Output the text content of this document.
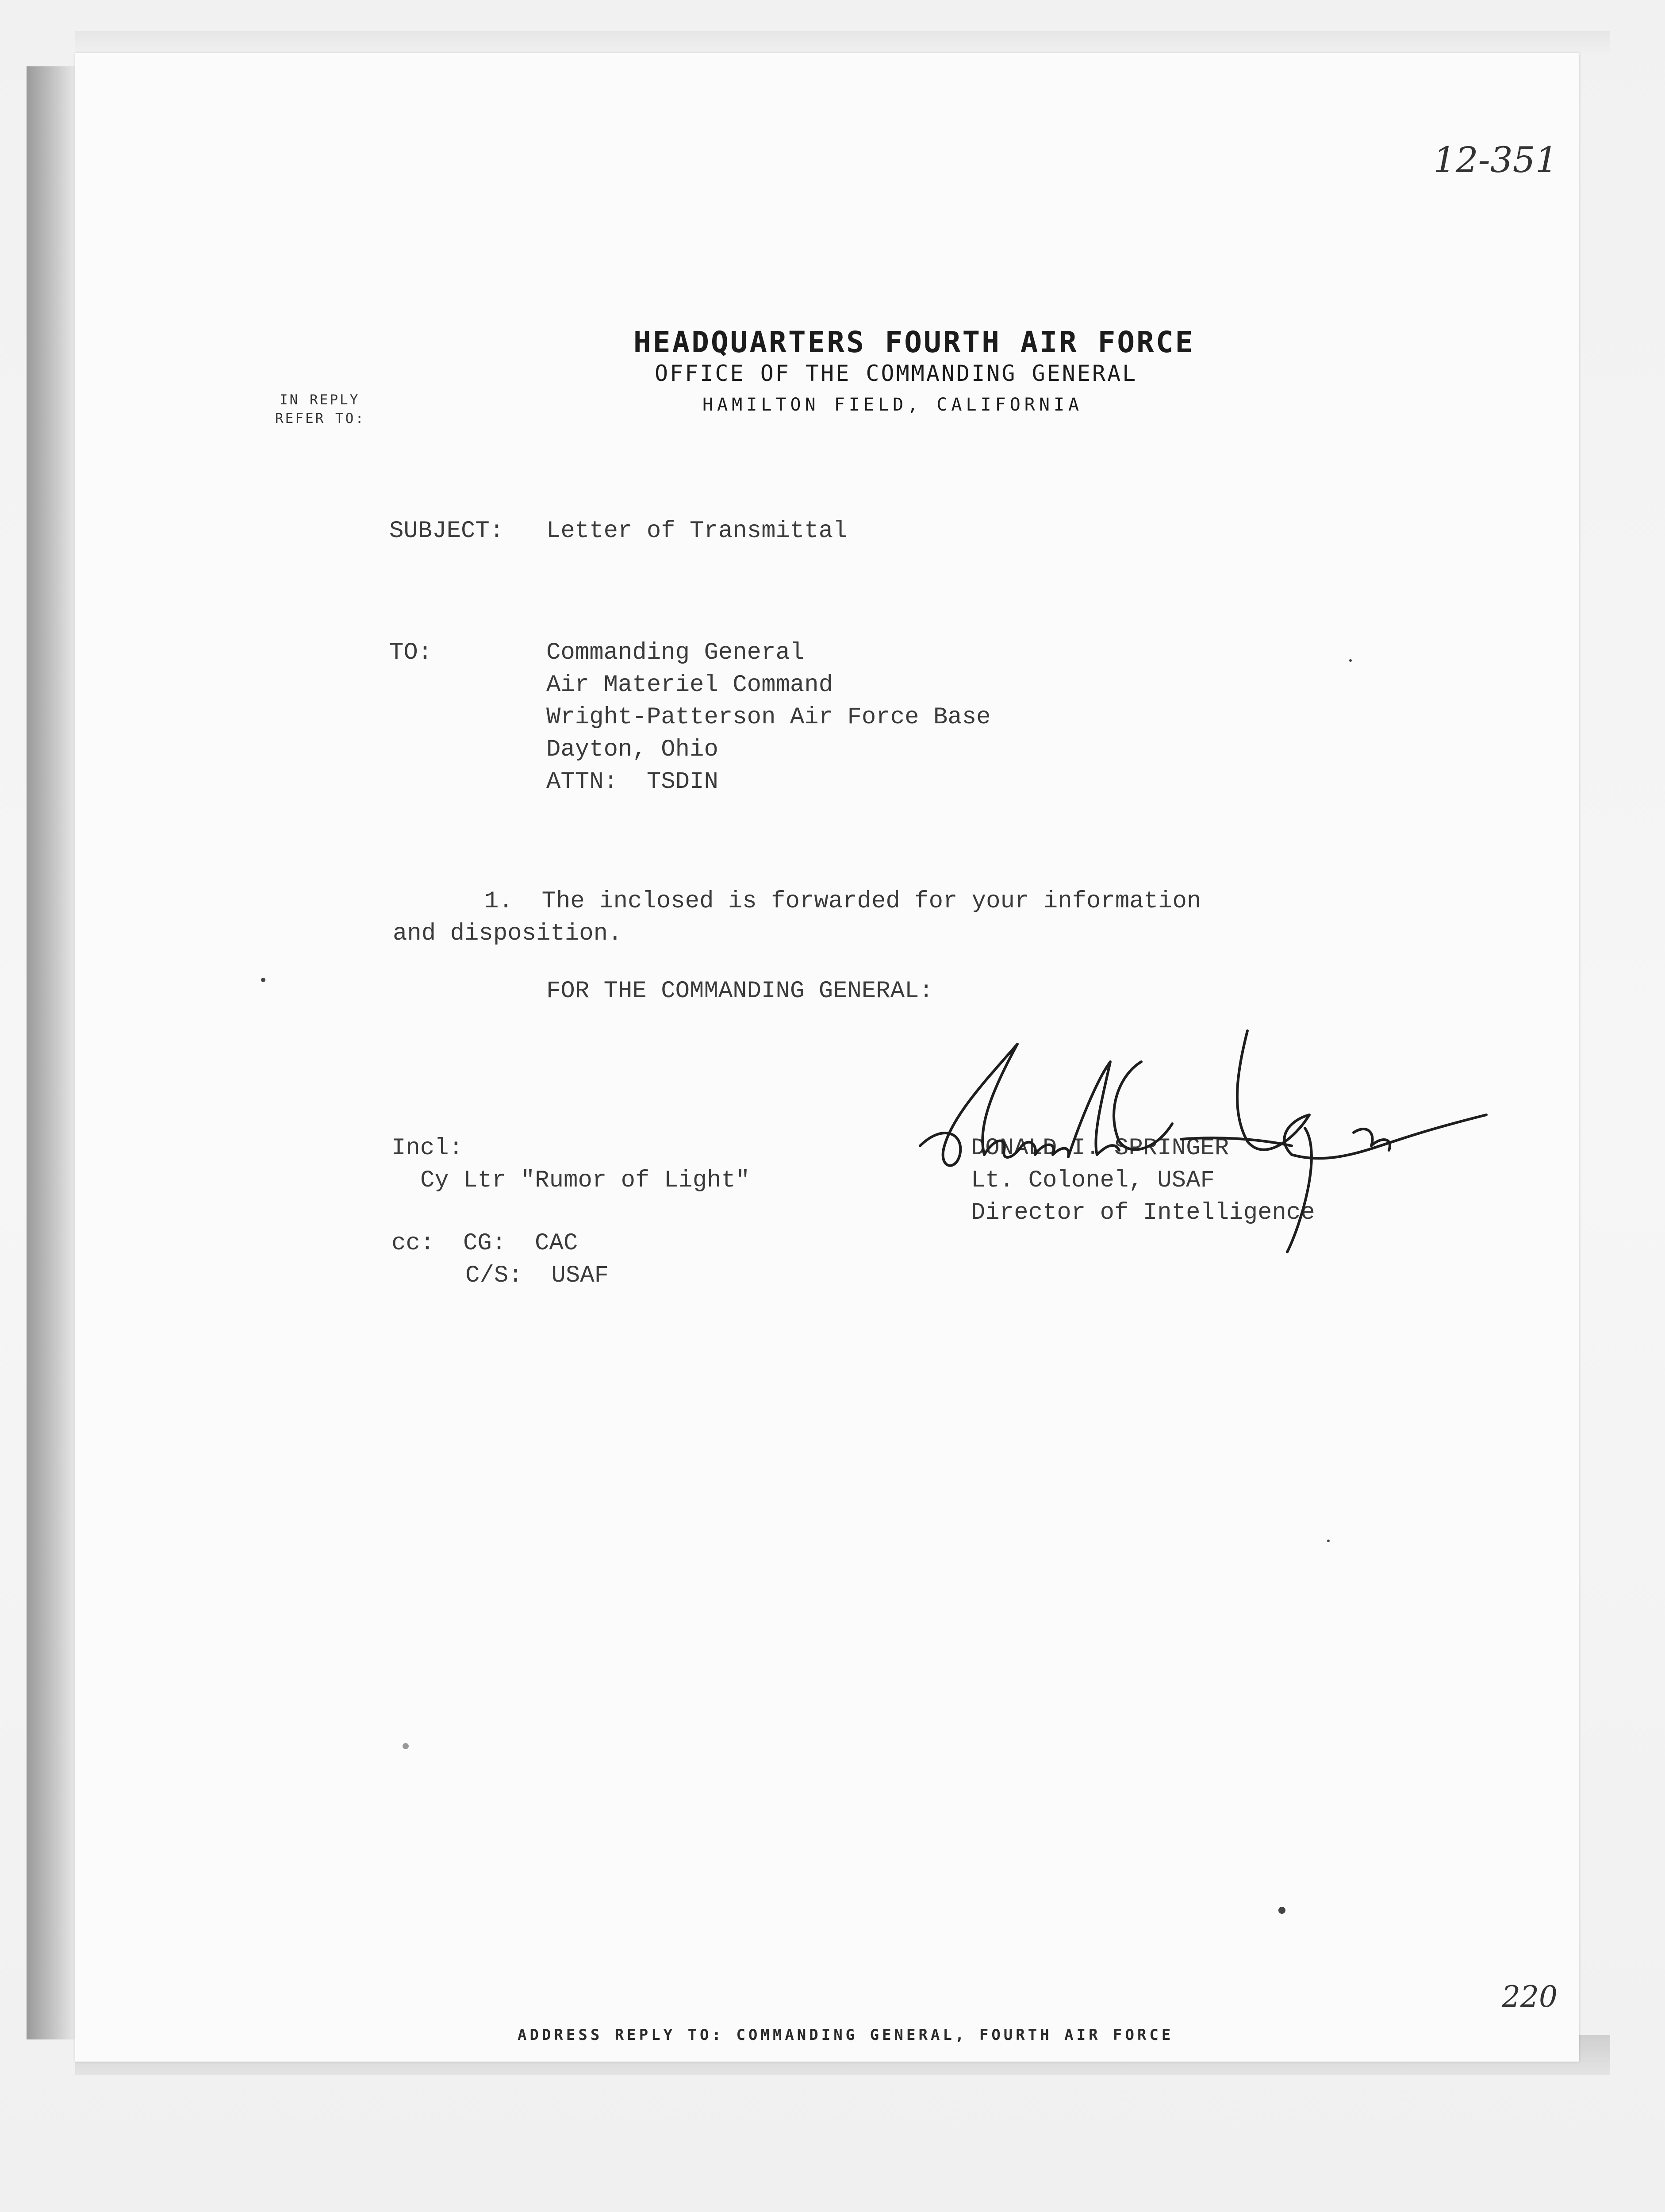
12-351
HEADQUARTERS FOURTH AIR FORCE
OFFICE OF THE COMMANDING GENERAL
HAMILTON FIELD, CALIFORNIA
IN REPLY
REFER TO:
SUBJECT: Letter of Transmittal
TO:	Commanding General
Air Materiel Command
Wright-Patterson Air Force Base
Dayton, Ohio
ATTN:  TSDIN
1.  The inclosed is forwarded for your information
and disposition.
FOR THE COMMANDING GENERAL:
Incl:
Cy Ltr "Rumor of Light"
cc:  CG:  CAC
C/S:  USAF
DONALD I. SPRINGER
Lt. Colonel, USAF
Director of Intelligence
ADDRESS REPLY TO: COMMANDING GENERAL, FOURTH AIR FORCE
220
